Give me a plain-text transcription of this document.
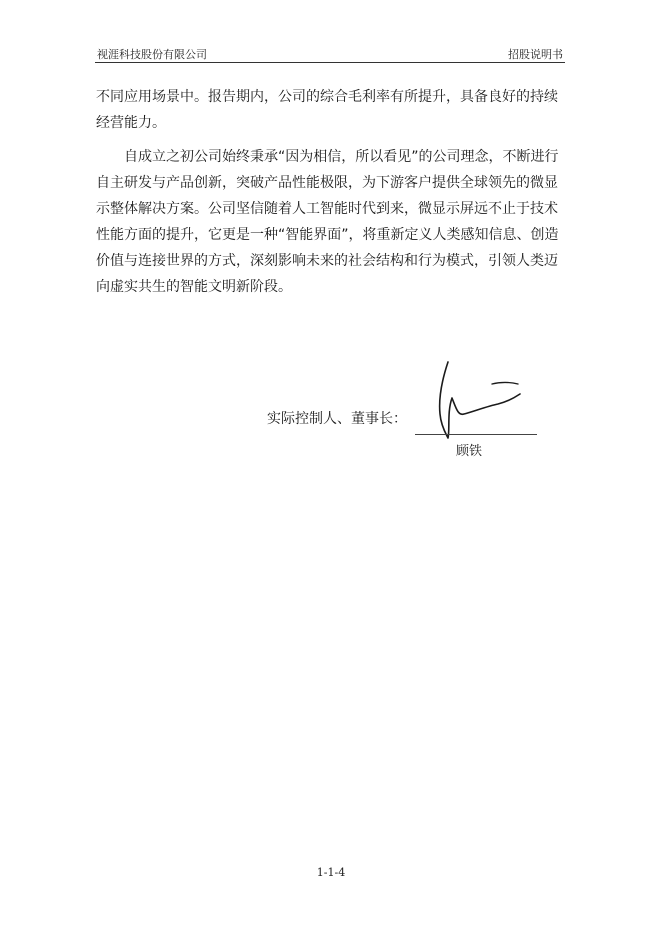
视涯科技股份有限公司	招股说明书
不同应用场景中。报告期内，公司的综合毛利率有所提升，具备良好的持续经营能力。
自成立之初公司始终秉承“因为相信，所以看见”的公司理念，不断进行自主研发与产品创新，突破产品性能极限，为下游客户提供全球领先的微显示整体解决方案。公司坚信随着人工智能时代到来，微显示屏远不止于技术性能方面的提升，它更是一种“智能界面”，将重新定义人类感知信息、创造价值与连接世界的方式，深刻影响未来的社会结构和行为模式，引领人类迈向虚实共生的智能文明新阶段。
实际控制人、董事长：
顾铁
1-1-4
